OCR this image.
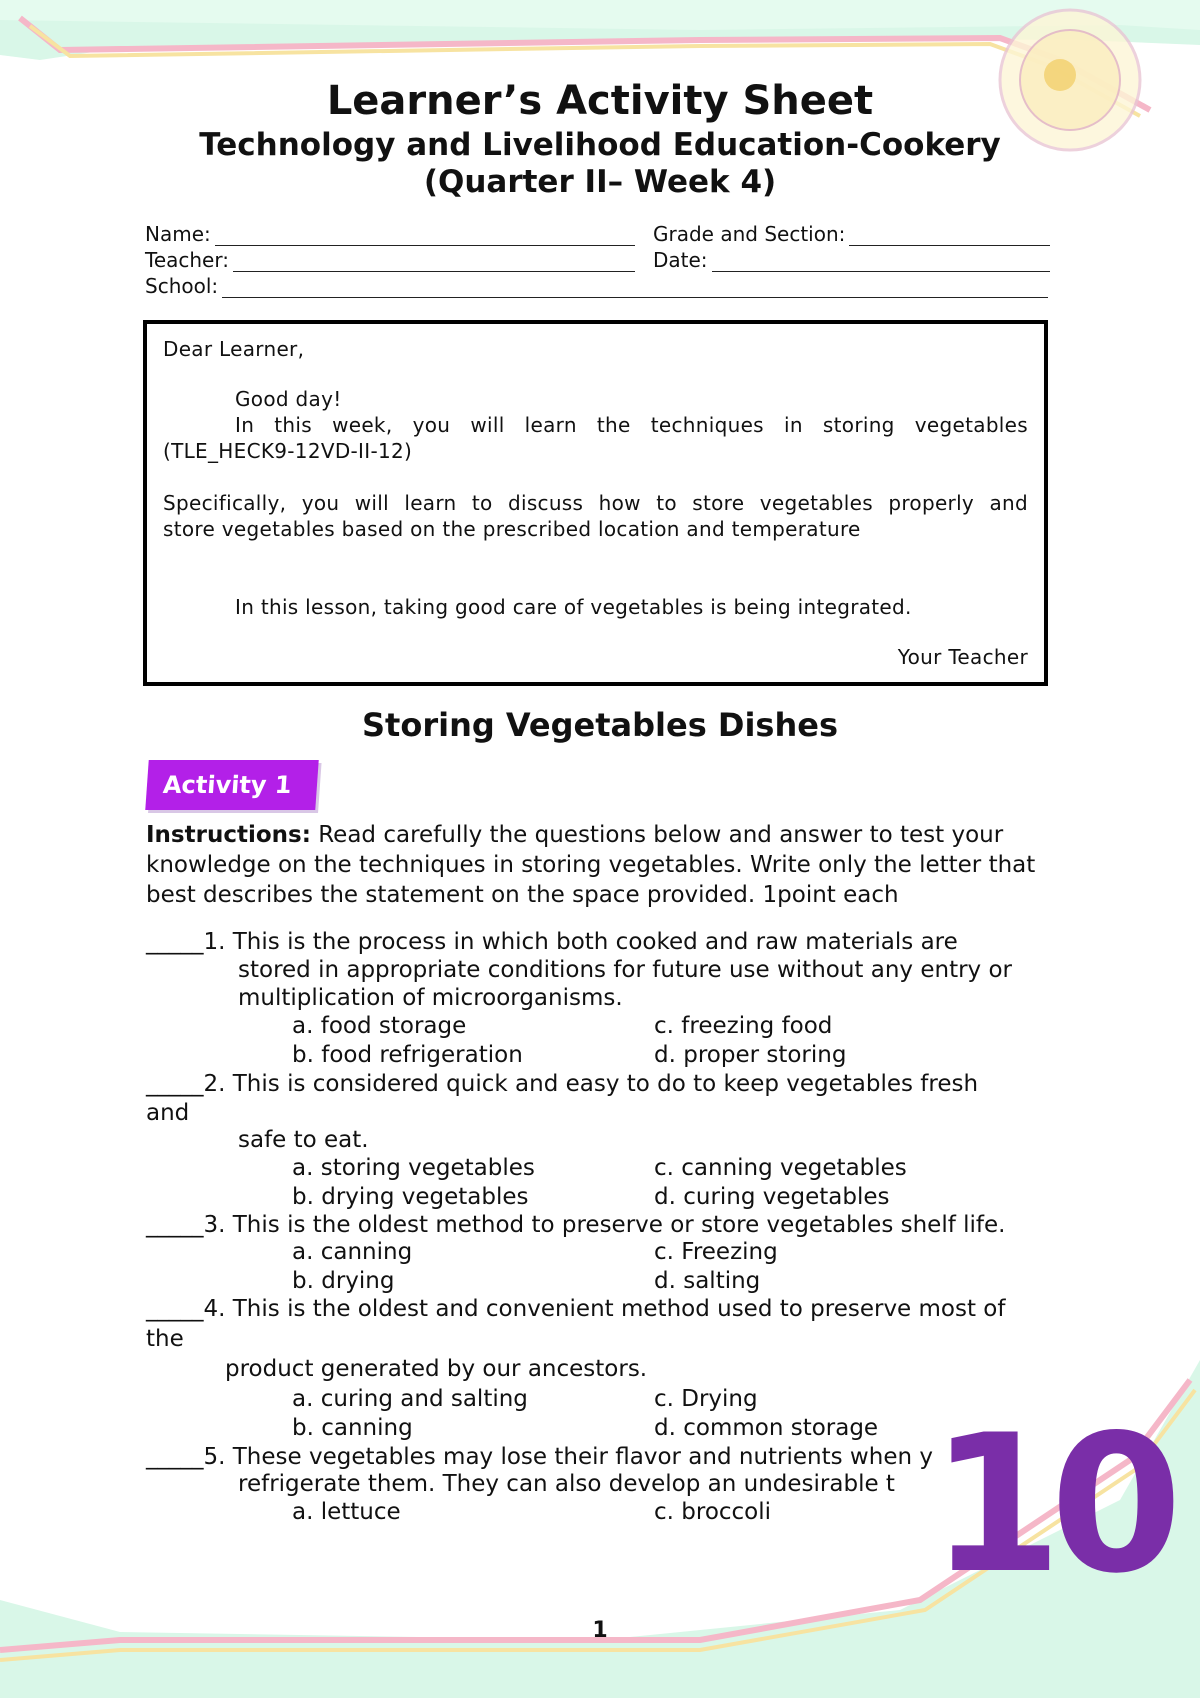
Learner’s Activity Sheet
Technology and Livelihood Education-Cookery
(Quarter II– Week 4)
Name:	Grade and Section:
Teacher:	Date:
School:

Dear Learner,

Good day!

In this week, you will learn the techniques in storing vegetables

(TLE_HECK9-12VD-II-12)

Specifically, you will learn to discuss how to store vegetables properly and

store vegetables based on the prescribed location and temperature

In this lesson, taking good care of vegetables is being integrated.

Your Teacher

Storing Vegetables Dishes
Activity 1
Instructions: Read carefully the questions below and answer to test your knowledge on the techniques in storing vegetables. Write only the letter that best describes the statement on the space provided. 1point each
_____1. This is the process in which both cooked and raw materials are
stored in appropriate conditions for future use without any entry or
multiplication of microorganisms.
a. food storage	c. freezing food
b. food refrigeration	d. proper storing
_____2. This is considered quick and easy to do to keep vegetables fresh
and
safe to eat.
a. storing vegetables	c. canning vegetables
b. drying vegetables	d. curing vegetables
_____3. This is the oldest method to preserve or store vegetables shelf life.
a. canning	c. Freezing
b. drying	d. salting
_____4. This is the oldest and convenient method used to preserve most of
the
product generated by our ancestors.
a. curing and salting	c. Drying
b. canning	d. common storage
_____5. These vegetables may lose their flavor and nutrients when y
refrigerate them. They can also develop an undesirable t
a. lettuce	c. broccoli 10
1
